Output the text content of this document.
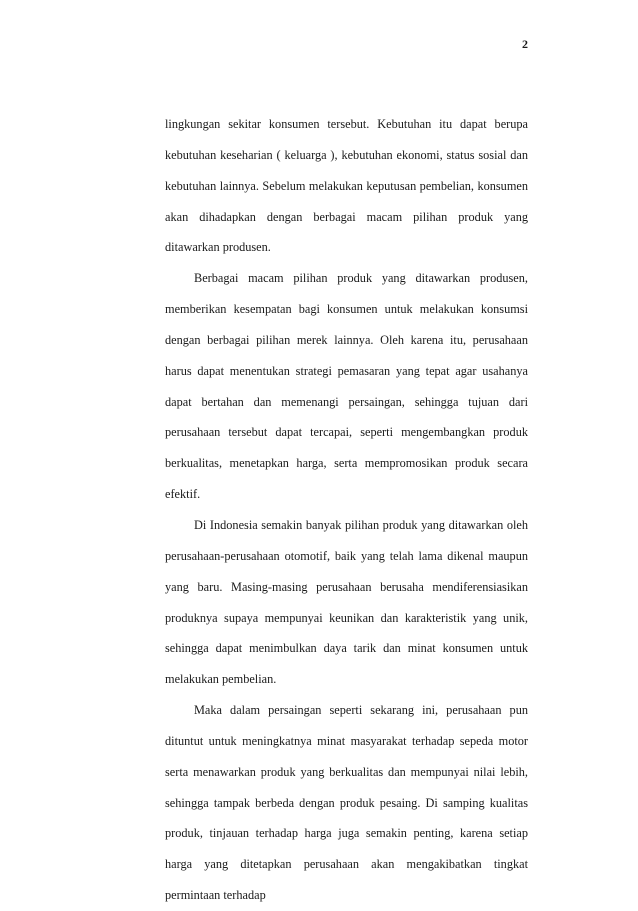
2

lingkungan sekitar konsumen tersebut. Kebutuhan itu dapat berupa kebutuhan keseharian ( keluarga ), kebutuhan ekonomi, status sosial dan kebutuhan lainnya. Sebelum melakukan keputusan pembelian, konsumen akan dihadapkan dengan berbagai macam pilihan produk yang ditawarkan produsen.

Berbagai macam pilihan produk yang ditawarkan produsen, memberikan kesempatan bagi konsumen untuk melakukan konsumsi dengan berbagai pilihan merek lainnya. Oleh karena itu, perusahaan harus dapat menentukan strategi pemasaran yang tepat agar usahanya dapat bertahan dan memenangi persaingan, sehingga tujuan dari perusahaan tersebut dapat tercapai, seperti mengembangkan produk berkualitas, menetapkan harga, serta mempromosikan produk secara efektif.

Di Indonesia semakin banyak pilihan produk yang ditawarkan oleh perusahaan-perusahaan otomotif, baik yang telah lama dikenal maupun yang baru. Masing-masing perusahaan berusaha mendiferensiasikan produknya supaya mempunyai keunikan dan karakteristik yang unik, sehingga dapat menimbulkan daya tarik dan minat konsumen untuk melakukan pembelian.

Maka dalam persaingan seperti sekarang ini, perusahaan pun dituntut untuk meningkatnya minat masyarakat terhadap sepeda motor serta menawarkan produk yang berkualitas dan mempunyai nilai lebih, sehingga tampak berbeda dengan produk pesaing. Di samping kualitas produk, tinjauan terhadap harga juga semakin penting, karena setiap harga yang ditetapkan perusahaan akan mengakibatkan tingkat permintaan terhadap
